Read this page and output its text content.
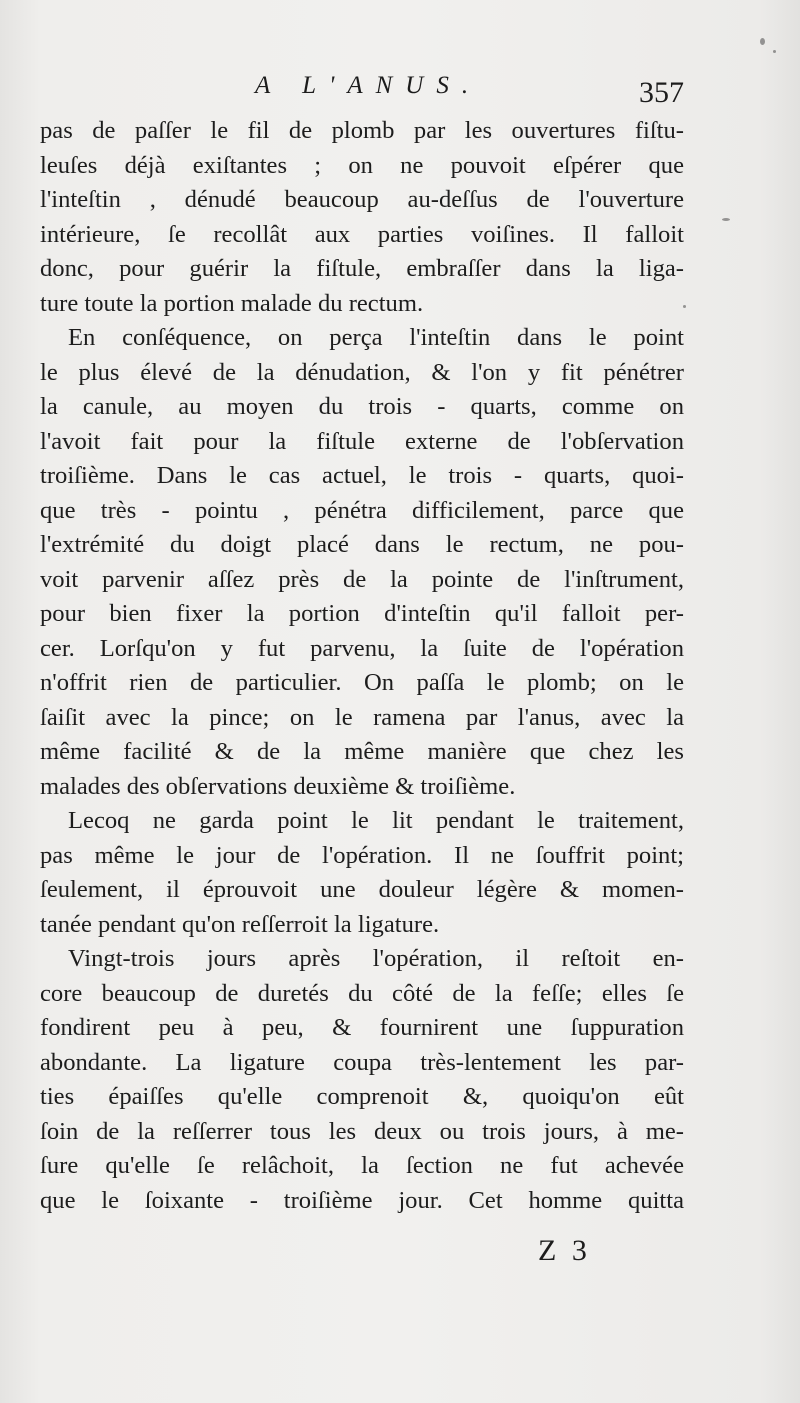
A L'ANUS.	357
pas de paſſer le fil de plomb par les ouvertures fiſtu-
leuſes déjà exiſtantes ; on ne pouvoit eſpérer que
l'inteſtin , dénudé beaucoup au-deſſus de l'ouverture
intérieure, ſe recollât aux parties voiſines. Il falloit
donc, pour guérir la fiſtule, embraſſer dans la liga-
ture toute la portion malade du rectum.
En conſéquence, on perça l'inteſtin dans le point
le plus élevé de la dénudation, & l'on y fit pénétrer
la canule, au moyen du trois - quarts, comme on
l'avoit fait pour la fiſtule externe de l'obſervation
troiſième. Dans le cas actuel, le trois - quarts, quoi-
que très - pointu , pénétra difficilement, parce que
l'extrémité du doigt placé dans le rectum, ne pou-
voit parvenir aſſez près de la pointe de l'inſtrument,
pour bien fixer la portion d'inteſtin qu'il falloit per-
cer. Lorſqu'on y fut parvenu, la ſuite de l'opération
n'offrit rien de particulier. On paſſa le plomb; on le
ſaiſit avec la pince; on le ramena par l'anus, avec la
même facilité & de la même manière que chez les
malades des obſervations deuxième & troiſième.
Lecoq ne garda point le lit pendant le traitement,
pas même le jour de l'opération. Il ne ſouffrit point;
ſeulement, il éprouvoit une douleur légère & momen-
tanée pendant qu'on reſſerroit la ligature.
Vingt-trois jours après l'opération, il reſtoit en-
core beaucoup de duretés du côté de la feſſe; elles ſe
fondirent peu à peu, & fournirent une ſuppuration
abondante. La ligature coupa très-lentement les par-
ties épaiſſes qu'elle comprenoit &, quoiqu'on eût
ſoin de la reſſerrer tous les deux ou trois jours, à me-
ſure qu'elle ſe relâchoit, la ſection ne fut achevée
que le ſoixante - troiſième jour. Cet homme quitta
Z 3
